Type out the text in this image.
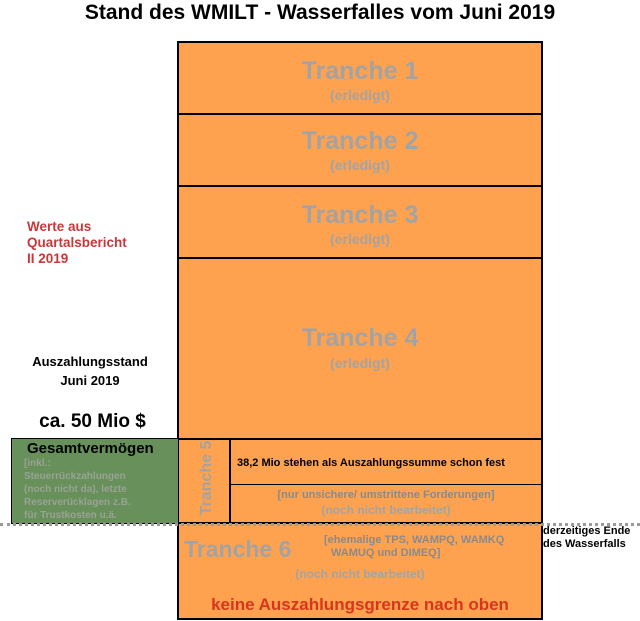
Stand des WMILT - Wasserfalles vom Juni 2019
Tranche 1
(erledigt)
Tranche 2
(erledigt)
Tranche 3
(erledigt)
Tranche 4
(erledigt)
Tranche 5 38,2 Mio stehen als Auszahlungssumme schon fest
[nur unsichere/ umstrittene Forderungen]
(noch nicht bearbeitet)
Tranche 6	[ehemalige TPS, WAMPQ, WAMKQ
WAMUQ und DIMEQ]
(noch nicht bearbeitet)
keine Auszahlungsgrenze nach oben
Werte aus
Quartalsbericht
II 2019
Auszahlungsstand
Juni 2019
ca. 50 Mio $
Gesamtvermögen
[inkl.:
Steuerrückzahlungen
(noch nicht da), letzte
Reserverücklagen z.B.
für Trustkosten u.ä.
derzeitiges Ende
des Wasserfalls
